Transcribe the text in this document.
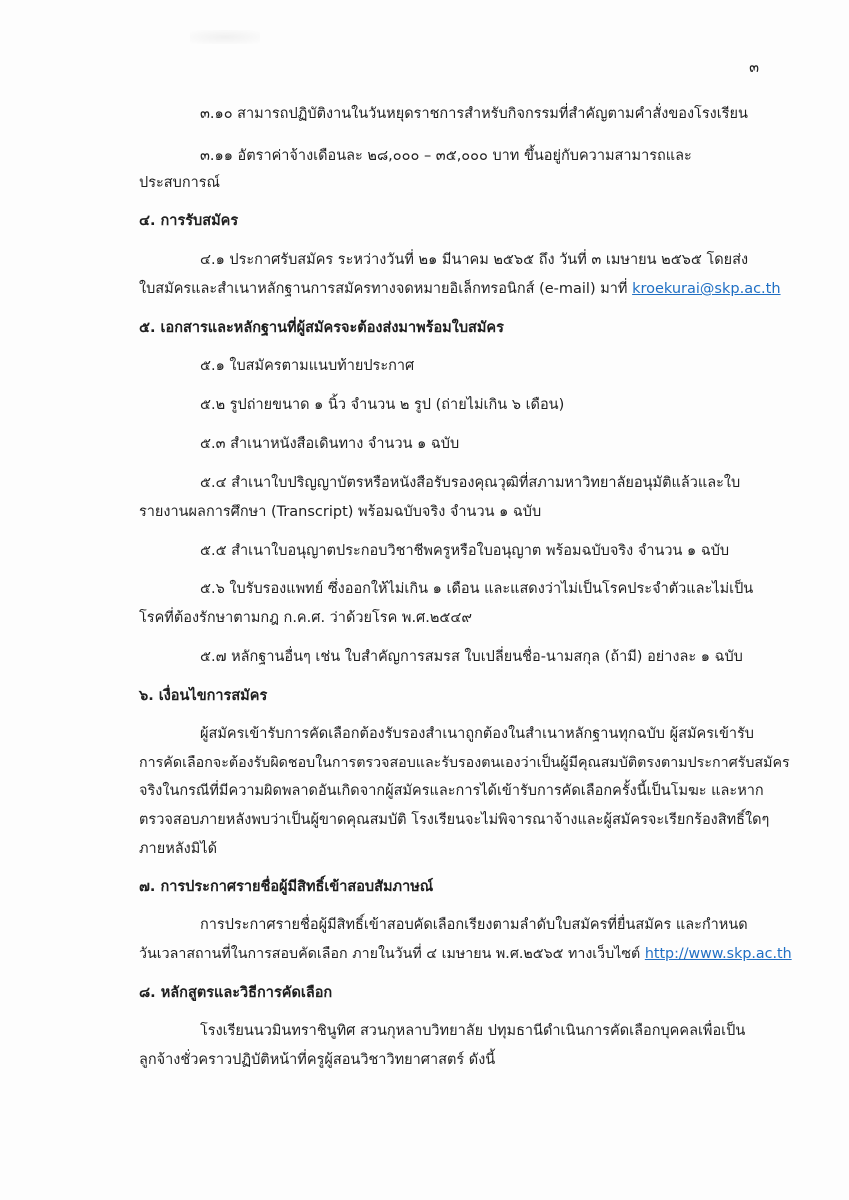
๓
๓.๑๐ สามารถปฏิบัติงานในวันหยุดราชการสำหรับกิจกรรมที่สำคัญตามคำสั่งของโรงเรียน
๓.๑๑ อัตราค่าจ้างเดือนละ ๒๘,๐๐๐ – ๓๕,๐๐๐ บาท ขึ้นอยู่กับความสามารถและ
ประสบการณ์
๔. การรับสมัคร
๔.๑ ประกาศรับสมัคร ระหว่างวันที่ ๒๑ มีนาคม ๒๕๖๕ ถึง วันที่ ๓ เมษายน ๒๕๖๕ โดยส่ง
ใบสมัครและสำเนาหลักฐานการสมัครทางจดหมายอิเล็กทรอนิกส์ (e-mail) มาที่ kroekurai@skp.ac.th
๕. เอกสารและหลักฐานที่ผู้สมัครจะต้องส่งมาพร้อมใบสมัคร
๕.๑ ใบสมัครตามแนบท้ายประกาศ
๕.๒ รูปถ่ายขนาด ๑ นิ้ว จำนวน ๒ รูป (ถ่ายไม่เกิน ๖ เดือน)
๕.๓ สำเนาหนังสือเดินทาง จำนวน ๑ ฉบับ
๕.๔ สำเนาใบปริญญาบัตรหรือหนังสือรับรองคุณวุฒิที่สภามหาวิทยาลัยอนุมัติแล้วและใบ
รายงานผลการศึกษา (Transcript) พร้อมฉบับจริง จำนวน ๑ ฉบับ
๕.๕ สำเนาใบอนุญาตประกอบวิชาชีพครูหรือใบอนุญาต พร้อมฉบับจริง จำนวน ๑ ฉบับ
๕.๖ ใบรับรองแพทย์ ซึ่งออกให้ไม่เกิน ๑ เดือน และแสดงว่าไม่เป็นโรคประจำตัวและไม่เป็น
โรคที่ต้องรักษาตามกฎ ก.ค.ศ. ว่าด้วยโรค พ.ศ.๒๕๔๙
๕.๗ หลักฐานอื่นๆ เช่น ใบสำคัญการสมรส ใบเปลี่ยนชื่อ-นามสกุล (ถ้ามี) อย่างละ ๑ ฉบับ
๖. เงื่อนไขการสมัคร
ผู้สมัครเข้ารับการคัดเลือกต้องรับรองสำเนาถูกต้องในสำเนาหลักฐานทุกฉบับ ผู้สมัครเข้ารับ
การคัดเลือกจะต้องรับผิดชอบในการตรวจสอบและรับรองตนเองว่าเป็นผู้มีคุณสมบัติตรงตามประกาศรับสมัคร
จริงในกรณีที่มีความผิดพลาดอันเกิดจากผู้สมัครและการได้เข้ารับการคัดเลือกครั้งนี้เป็นโมฆะ และหาก
ตรวจสอบภายหลังพบว่าเป็นผู้ขาดคุณสมบัติ โรงเรียนจะไม่พิจารณาจ้างและผู้สมัครจะเรียกร้องสิทธิ์ใดๆ
ภายหลังมิได้
๗. การประกาศรายชื่อผู้มีสิทธิ์เข้าสอบสัมภาษณ์
การประกาศรายชื่อผู้มีสิทธิ์เข้าสอบคัดเลือกเรียงตามลำดับใบสมัครที่ยื่นสมัคร และกำหนด
วันเวลาสถานที่ในการสอบคัดเลือก ภายในวันที่ ๔ เมษายน พ.ศ.๒๕๖๕ ทางเว็บไซต์ http://www.skp.ac.th
๘. หลักสูตรและวิธีการคัดเลือก
โรงเรียนนวมินทราชินูทิศ สวนกุหลาบวิทยาลัย ปทุมธานีดำเนินการคัดเลือกบุคคลเพื่อเป็น
ลูกจ้างชั่วคราวปฏิบัติหน้าที่ครูผู้สอนวิชาวิทยาศาสตร์ ดังนี้
